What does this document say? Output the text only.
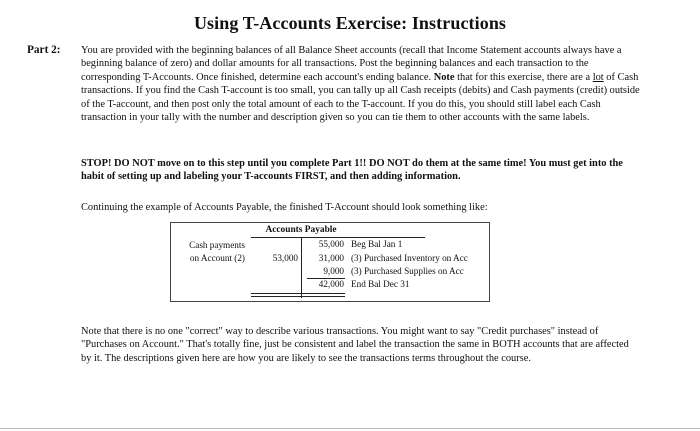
Using T-Accounts Exercise: Instructions
Part 2: You are provided with the beginning balances of all Balance Sheet accounts (recall that Income Statement accounts always have a beginning balance of zero) and dollar amounts for all transactions. Post the beginning balances and each transaction to the corresponding T-Accounts. Once finished, determine each account's ending balance. Note that for this exercise, there are a lot of Cash transactions. If you find the Cash T-account is too small, you can tally up all Cash receipts (debits) and Cash payments (credit) outside of the T-account, and then post only the total amount of each to the T-account. If you do this, you should still label each Cash transaction in your tally with the number and description given so you can tie them to other accounts with the same labels.
STOP! DO NOT move on to this step until you complete Part 1!! DO NOT do them at the same time! You must get into the habit of setting up and labeling your T-accounts FIRST, and then adding information.
Continuing the example of Accounts Payable, the finished T-Account should look something like:
Accounts Payable
Cash payments
on Account (2)	53,000
55,000 Beg Bal Jan 1
31,000 (3) Purchased Inventory on Acc
9,000 (3) Purchased Supplies on Acc
42,000 End Bal Dec 31
Note that there is no one "correct" way to describe various transactions. You might want to say "Credit purchases" instead of "Purchases on Account." That's totally fine, just be consistent and label the transaction the same in BOTH accounts that are affected by it. The descriptions given here are how you are likely to see the transactions terms throughout the course.
